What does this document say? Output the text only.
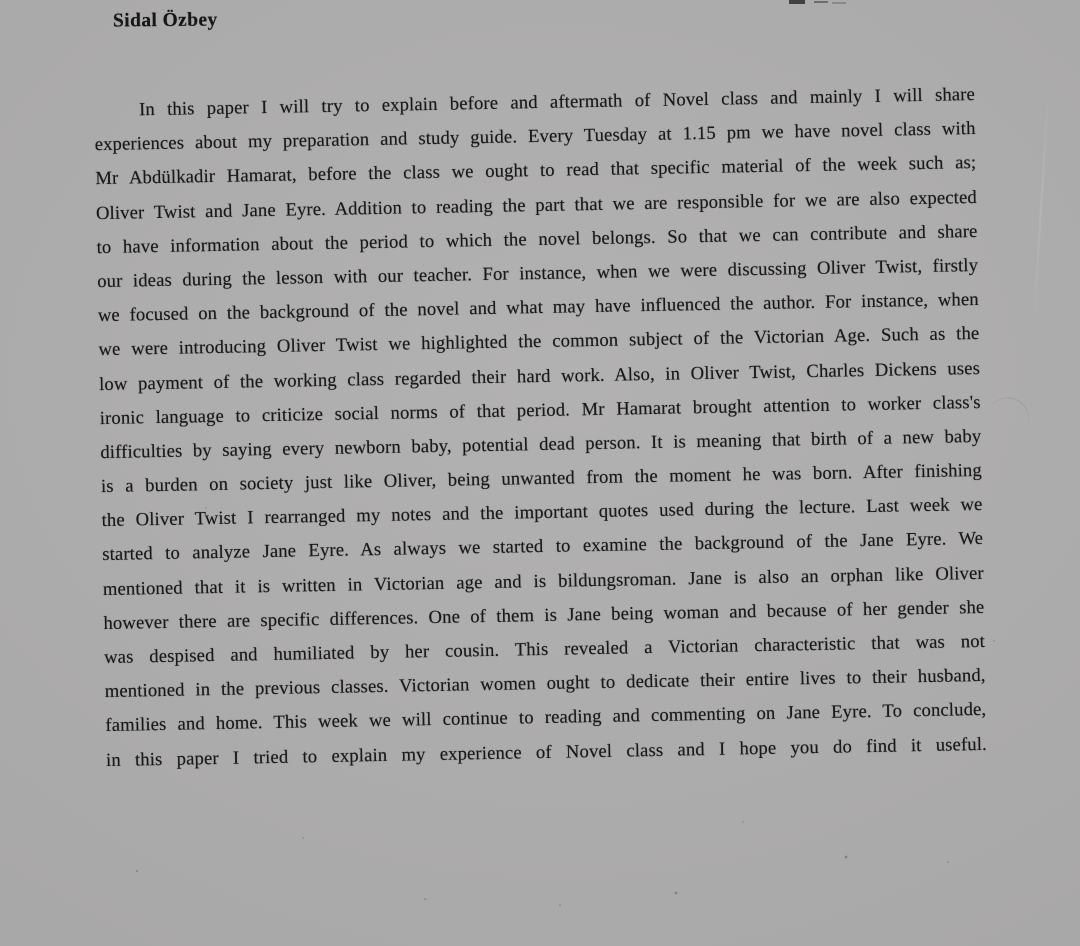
Sidal Özbey
In this paper I will try to explain before and aftermath of Novel class and mainly I will share
experiences about my preparation and study guide. Every Tuesday at 1.15 pm we have novel class with
Mr Abdülkadir Hamarat, before the class we ought to read that specific material of the week such as;
Oliver Twist and Jane Eyre. Addition to reading the part that we are responsible for we are also expected
to have information about the period to which the novel belongs. So that we can contribute and share
our ideas during the lesson with our teacher. For instance, when we were discussing Oliver Twist, firstly
we focused on the background of the novel and what may have influenced the author. For instance, when
we were introducing Oliver Twist we highlighted the common subject of the Victorian Age. Such as the
low payment of the working class regarded their hard work. Also, in Oliver Twist, Charles Dickens uses
ironic language to criticize social norms of that period. Mr Hamarat brought attention to worker class's
difficulties by saying every newborn baby, potential dead person. It is meaning that birth of a new baby
is a burden on society just like Oliver, being unwanted from the moment he was born. After finishing
the Oliver Twist I rearranged my notes and the important quotes used during the lecture. Last week we
started to analyze Jane Eyre. As always we started to examine the background of the Jane Eyre. We
mentioned that it is written in Victorian age and is bildungsroman. Jane is also an orphan like Oliver
however there are specific differences. One of them is Jane being woman and because of her gender she
was despised and humiliated by her cousin. This revealed a Victorian characteristic that was not
mentioned in the previous classes. Victorian women ought to dedicate their entire lives to their husband,
families and home. This week we will continue to reading and commenting on Jane Eyre. To conclude,
in this paper I tried to explain my experience of Novel class and I hope you do find it useful.
